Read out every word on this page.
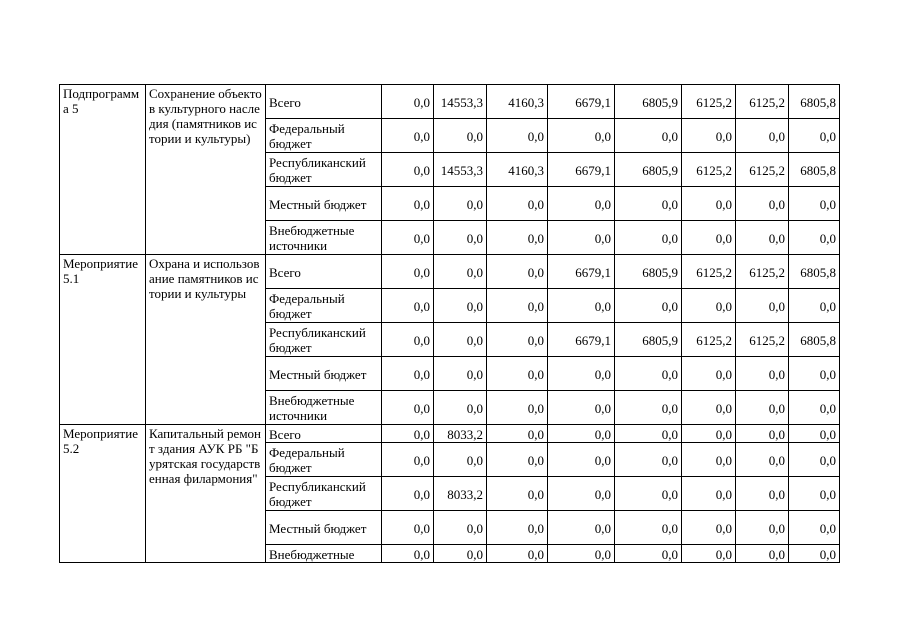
Подпрограмма 5	Сохранение объектов культурного наследия (памятников истории и культуры)	Всего	0,0	14553,3	4160,3	6679,1	6805,9	6125,2	6125,2	6805,8
		Федеральный бюджет	0,0	0,0	0,0	0,0	0,0	0,0	0,0	0,0
		Республиканский бюджет	0,0	14553,3	4160,3	6679,1	6805,9	6125,2	6125,2	6805,8
		Местный бюджет	0,0	0,0	0,0	0,0	0,0	0,0	0,0	0,0
		Внебюджетные источники	0,0	0,0	0,0	0,0	0,0	0,0	0,0	0,0
Мероприятие 5.1	Охрана и использование памятников истории и культуры	Всего	0,0	0,0	0,0	6679,1	6805,9	6125,2	6125,2	6805,8
		Федеральный бюджет	0,0	0,0	0,0	0,0	0,0	0,0	0,0	0,0
		Республиканский бюджет	0,0	0,0	0,0	6679,1	6805,9	6125,2	6125,2	6805,8
		Местный бюджет	0,0	0,0	0,0	0,0	0,0	0,0	0,0	0,0
		Внебюджетные источники	0,0	0,0	0,0	0,0	0,0	0,0	0,0	0,0
Мероприятие 5.2	Капитальный ремонт здания АУК РБ "Бурятская государственная филармония"	Всего	0,0	8033,2	0,0	0,0	0,0	0,0	0,0	0,0
		Федеральный бюджет	0,0	0,0	0,0	0,0	0,0	0,0	0,0	0,0
		Республиканский бюджет	0,0	8033,2	0,0	0,0	0,0	0,0	0,0	0,0
		Местный бюджет	0,0	0,0	0,0	0,0	0,0	0,0	0,0	0,0
		Внебюджетные	0,0	0,0	0,0	0,0	0,0	0,0	0,0	0,0
